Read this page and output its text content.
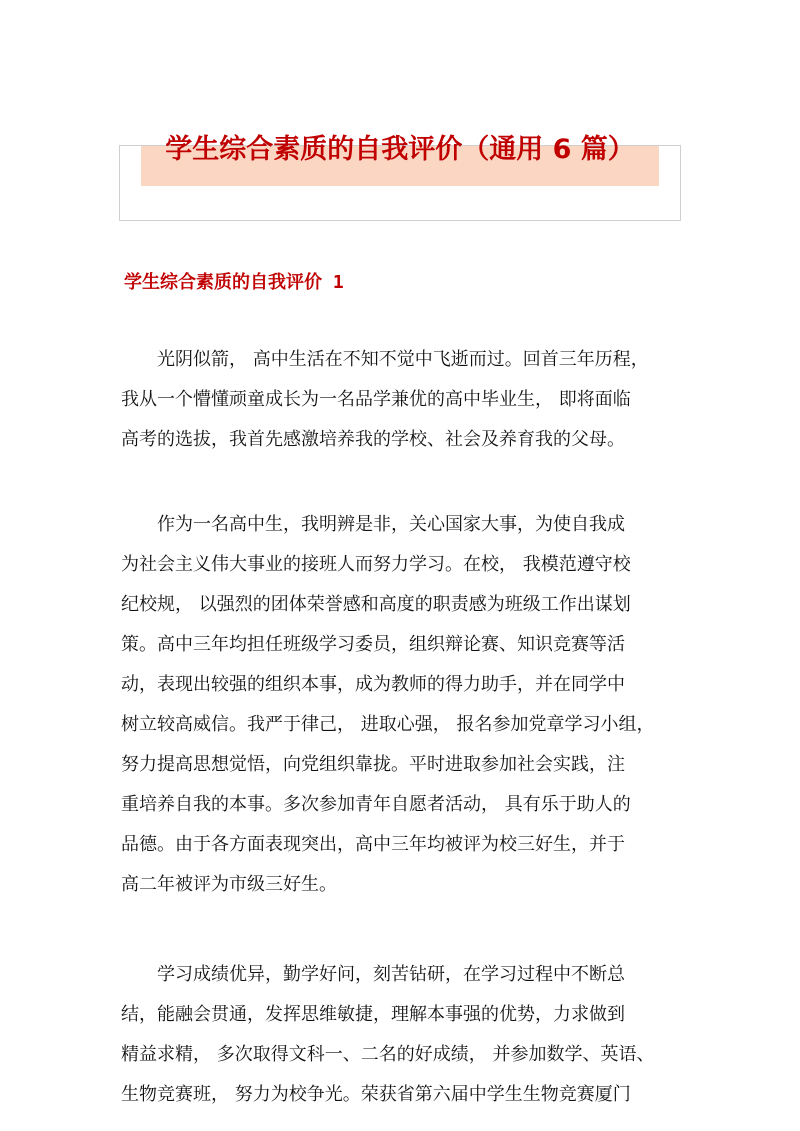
学生综合素质的自我评价（通用 6 篇）
学生综合素质的自我评价 1

　　光阴似箭， 高中生活在不知不觉中飞逝而过。回首三年历程，
我从一个懵懂顽童成长为一名品学兼优的高中毕业生， 即将面临
高考的选拔，我首先感激培养我的学校、社会及养育我的父母。

　　作为一名高中生，我明辨是非，关心国家大事，为使自我成
为社会主义伟大事业的接班人而努力学习。在校， 我模范遵守校
纪校规， 以强烈的团体荣誉感和高度的职责感为班级工作出谋划
策。高中三年均担任班级学习委员，组织辩论赛、知识竞赛等活
动，表现出较强的组织本事，成为教师的得力助手，并在同学中
树立较高威信。我严于律己， 进取心强， 报名参加党章学习小组，
努力提高思想觉悟，向党组织靠拢。平时进取参加社会实践，注
重培养自我的本事。多次参加青年自愿者活动， 具有乐于助人的
品德。由于各方面表现突出，高中三年均被评为校三好生，并于
高二年被评为市级三好生。

　　学习成绩优异，勤学好问，刻苦钻研，在学习过程中不断总
结，能融会贯通，发挥思维敏捷，理解本事强的优势，力求做到
精益求精， 多次取得文科一、二名的好成绩， 并参加数学、英语、
生物竞赛班， 努力为校争光。荣获省第六届中学生生物竞赛厦门
